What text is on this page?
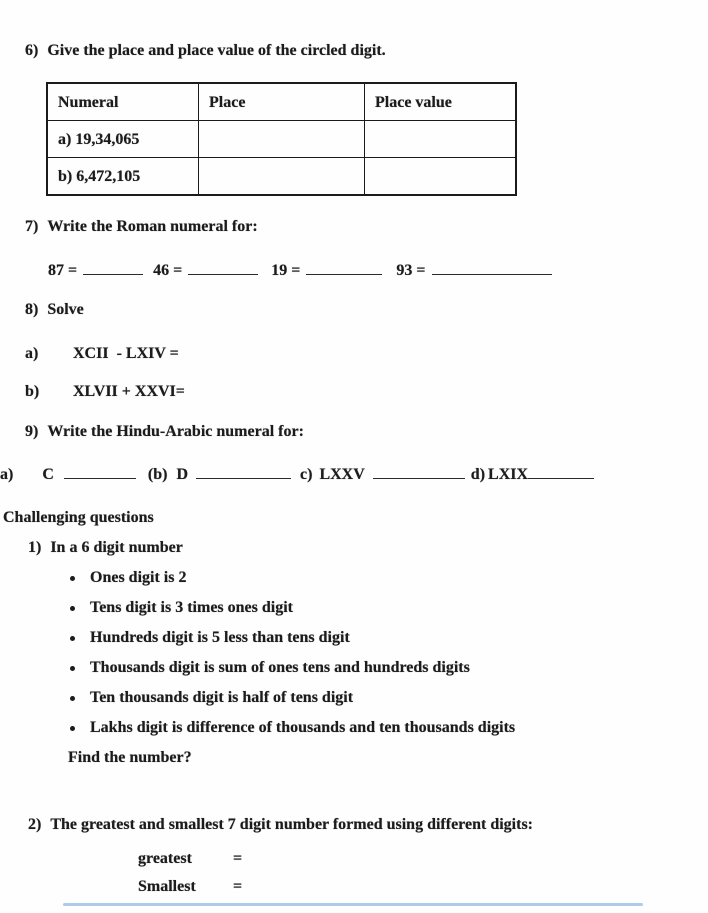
6) Give the place and place value of the circled digit.
Numeral	Place	Place value
a) 19,34,065		
b) 6,472,105		
7) Write the Roman numeral for:
87 =	46 =	19 =	93 =
8) Solve
a)	XCII  - LXIV =
b)	XLVII + XXVI=
9) Write the Hindu-Arabic numeral for:
a) C	(b) D	c) LXXV	d) LXIX
Challenging questions
1) In a 6 digit number
Ones digit is 2
Tens digit is 3 times ones digit
Hundreds digit is 5 less than tens digit
Thousands digit is sum of ones tens and hundreds digits
Ten thousands digit is half of tens digit
Lakhs digit is difference of thousands and ten thousands digits
Find the number?
2) The greatest and smallest 7 digit number formed using different digits:
greatest	=
Smallest	=
